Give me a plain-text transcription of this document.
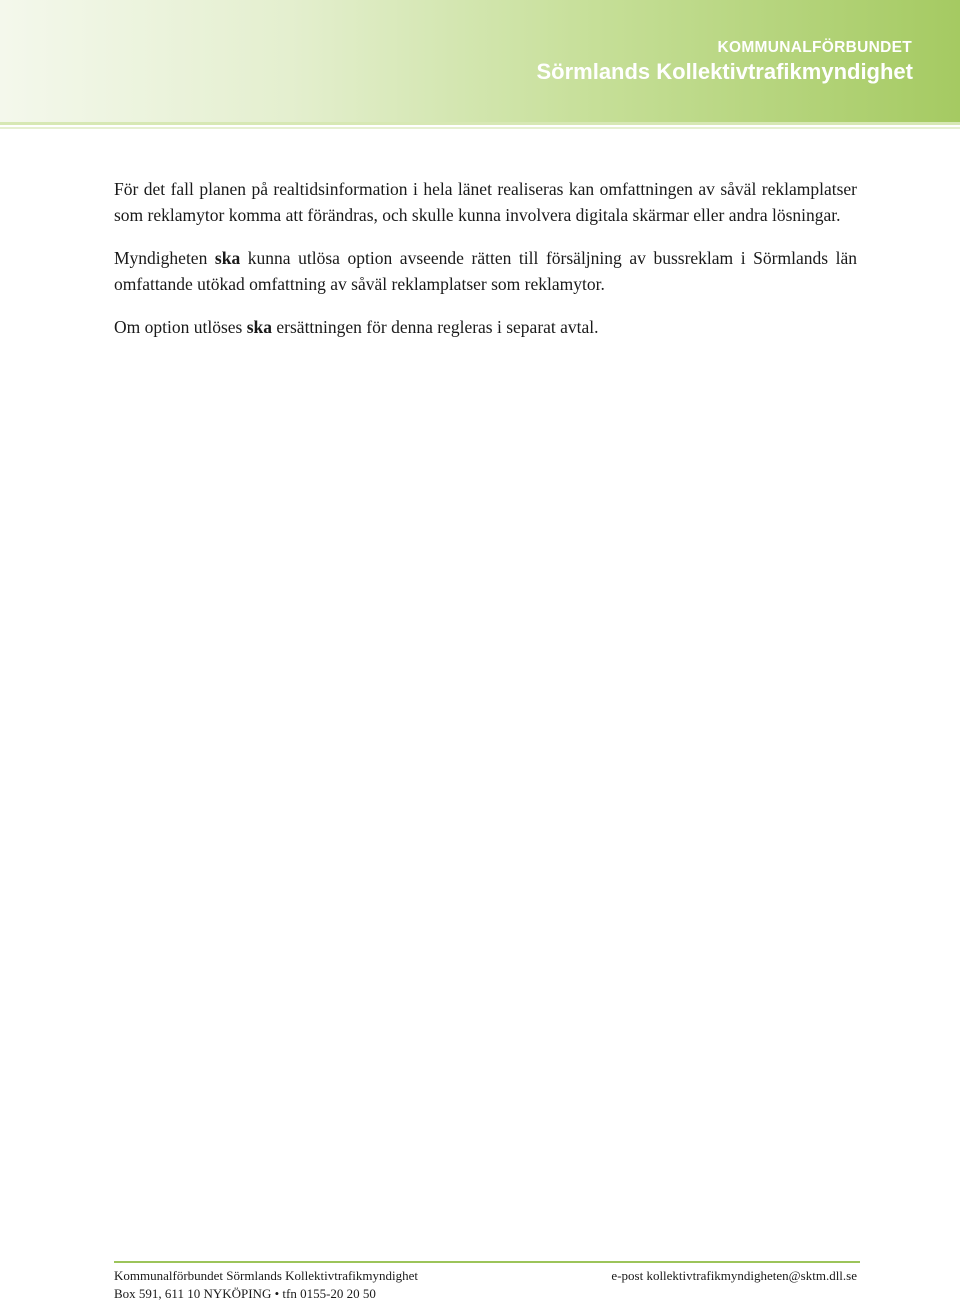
KOMMUNALFÖRBUNDET
Sörmlands Kollektivtrafikmyndighet

För det fall planen på realtidsinformation i hela länet realiseras kan omfattningen av såväl reklamplatser som reklamytor komma att förändras, och skulle kunna involvera digitala skärmar eller andra lösningar.

Myndigheten ska kunna utlösa option avseende rätten till försäljning av bussreklam i Sörmlands län omfattande utökad omfattning av såväl reklamplatser som reklamytor.

Om option utlöses ska ersättningen för denna regleras i separat avtal.

Kommunalförbundet Sörmlands Kollektivtrafikmyndighet
Box 591, 611 10 NYKÖPING • tfn 0155-20 20 50
e-post kollektivtrafikmyndigheten@sktm.dll.se
